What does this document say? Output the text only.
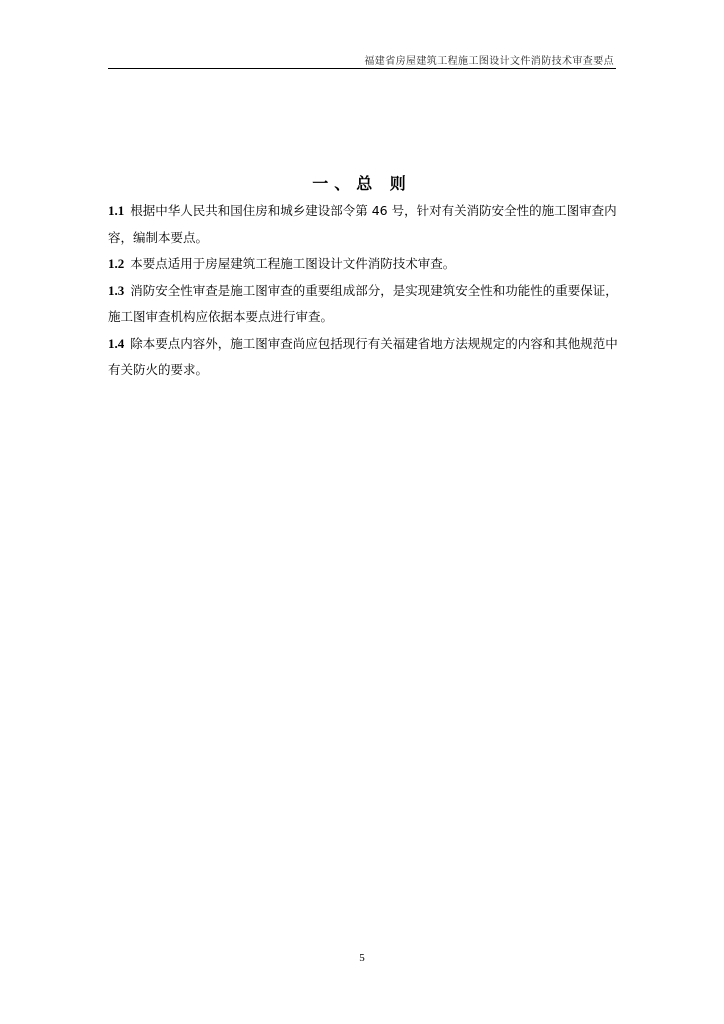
福建省房屋建筑工程施工图设计文件消防技术审查要点
一、总 则

1.1 根据中华人民共和国住房和城乡建设部令第 46 号，针对有关消防安全性的施工图审查内容，编制本要点。

1.2 本要点适用于房屋建筑工程施工图设计文件消防技术审查。

1.3 消防安全性审查是施工图审查的重要组成部分，是实现建筑安全性和功能性的重要保证，施工图审查机构应依据本要点进行审查。

1.4 除本要点内容外，施工图审查尚应包括现行有关福建省地方法规规定的内容和其他规范中有关防火的要求。

5
